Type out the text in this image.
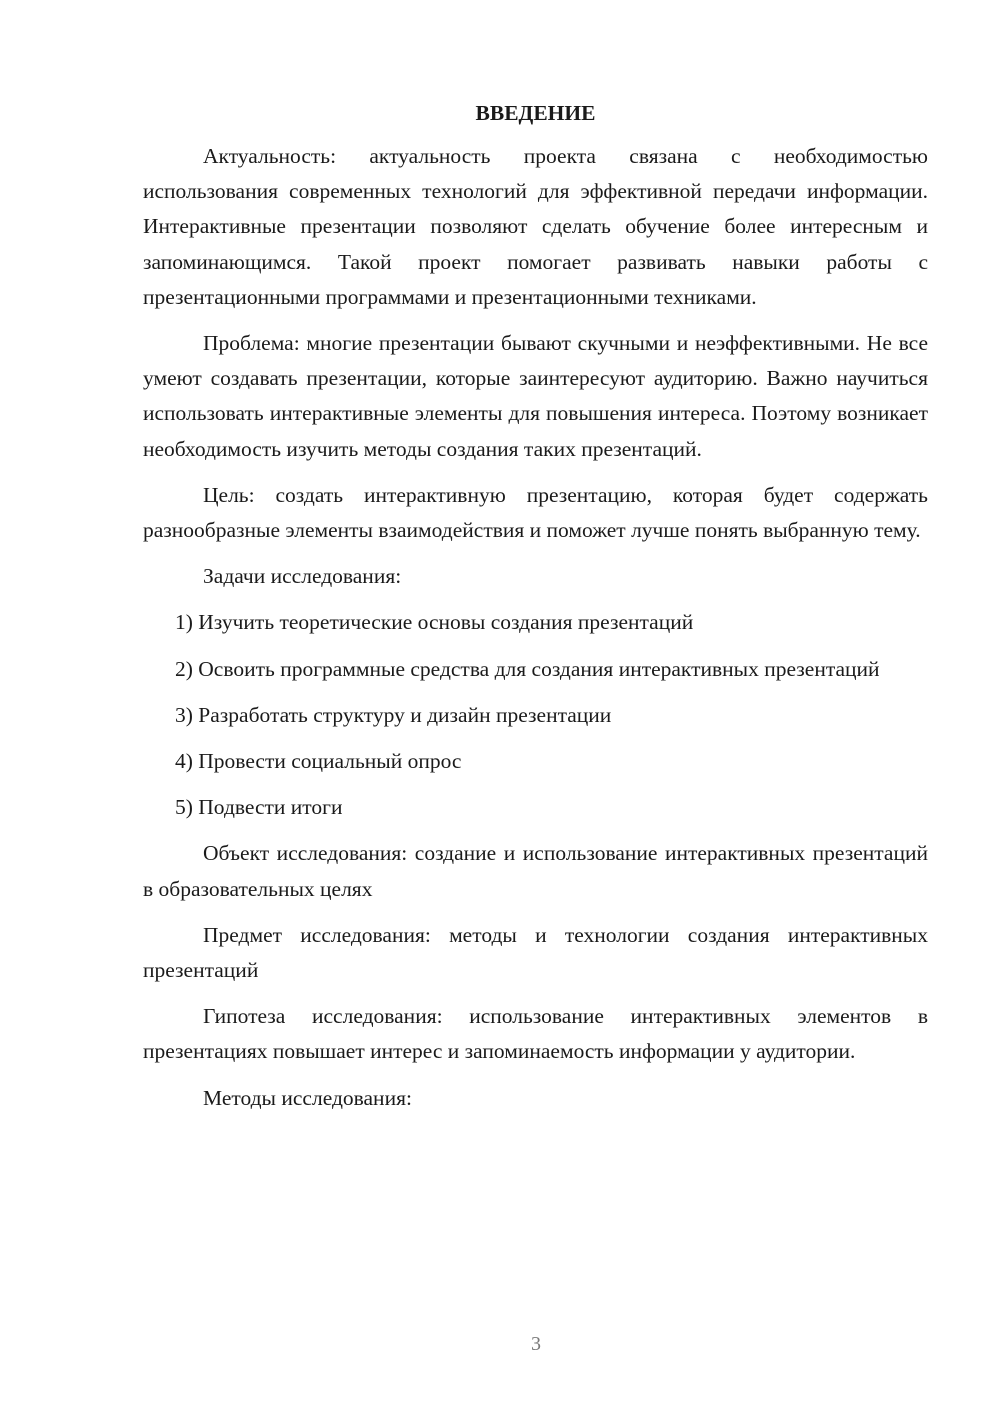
ВВЕДЕНИЕ

Актуальность: актуальность проекта связана с необходимостью использования современных технологий для эффективной передачи информации. Интерактивные презентации позволяют сделать обучение более интересным и запоминающимся. Такой проект помогает развивать навыки работы с презентационными программами и презентационными техниками.

Проблема: многие презентации бывают скучными и неэффективными. Не все умеют создавать презентации, которые заинтересуют аудиторию. Важно научиться использовать интерактивные элементы для повышения интереса. Поэтому возникает необходимость изучить методы создания таких презентаций.

Цель: создать интерактивную презентацию, которая будет содержать разнообразные элементы взаимодействия и поможет лучше понять выбранную тему.

Задачи исследования:

1) Изучить теоретические основы создания презентаций

2) Освоить программные средства для создания интерактивных презентаций

3) Разработать структуру и дизайн презентации

4) Провести социальный опрос

5) Подвести итоги

Объект исследования: создание и использование интерактивных презентаций в образовательных целях

Предмет исследования: методы и технологии создания интерактивных презентаций

Гипотеза исследования: использование интерактивных элементов в презентациях повышает интерес и запоминаемость информации у аудитории.

Методы исследования:

3
